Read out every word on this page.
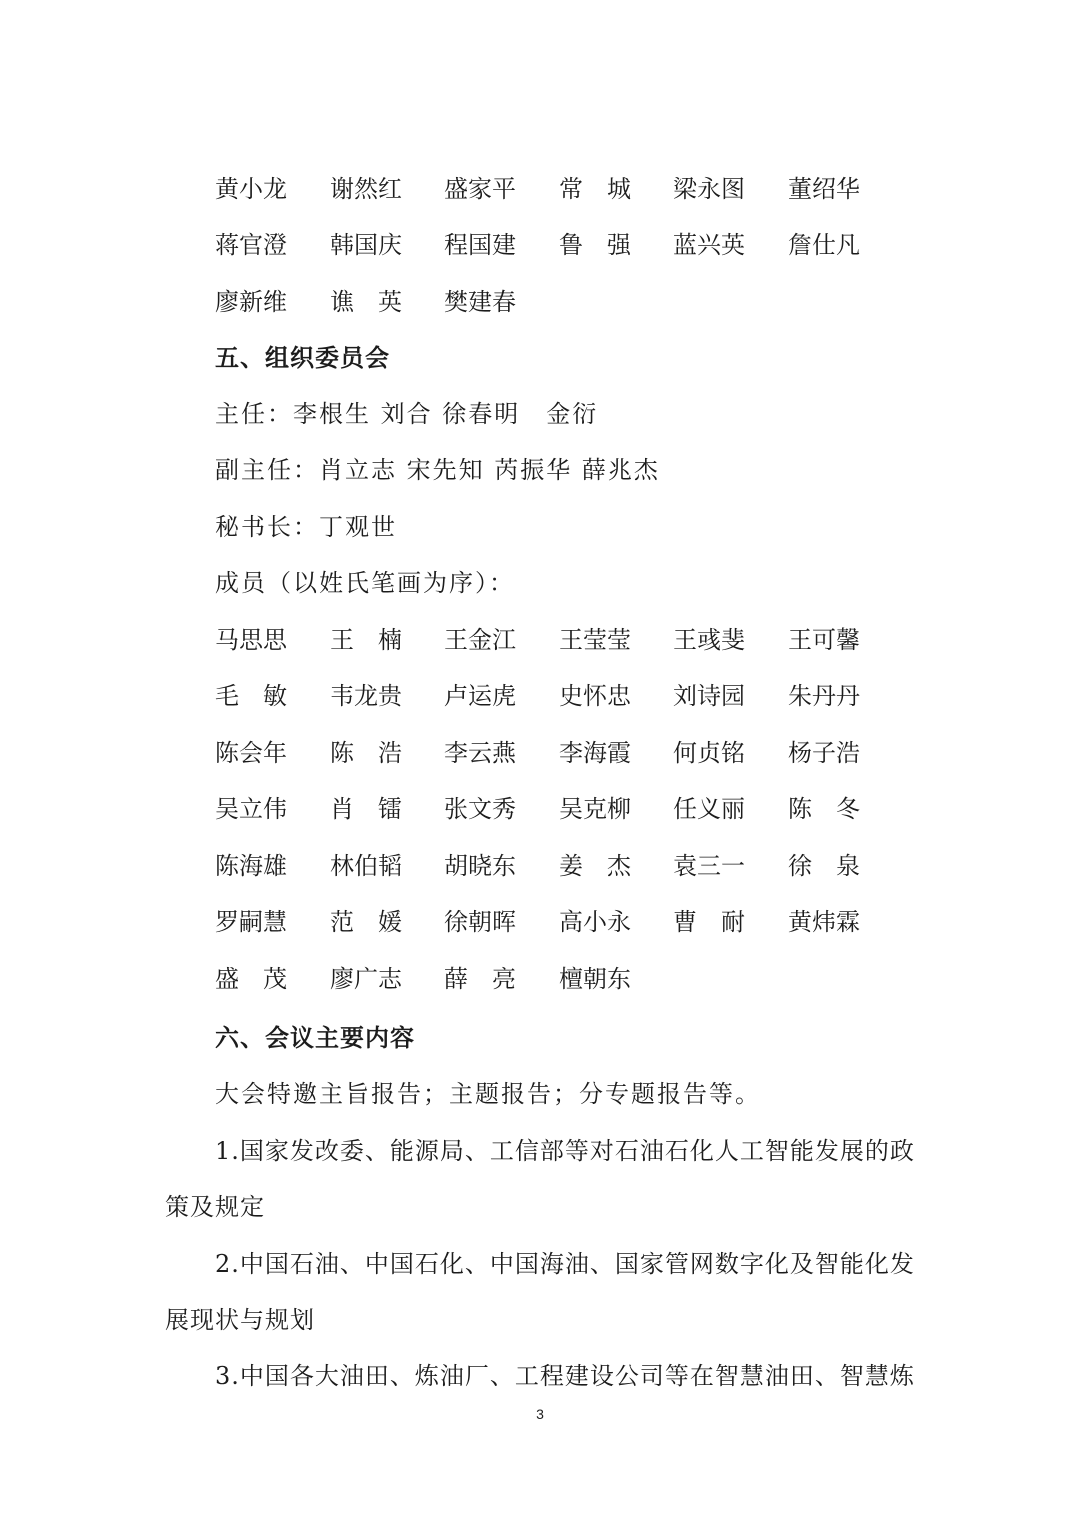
黄小龙 谢然红 盛家平 常　城 梁永图 董绍华
蒋官澄 韩国庆 程国建 鲁　强 蓝兴英 詹仕凡
廖新维 谯　英 樊建春
五、组织委员会
主任：李根生 刘合 徐春明　金衍
副主任：肖立志 宋先知 芮振华 薛兆杰
秘书长：丁观世
成员（以姓氏笔画为序）：
马思思 王　楠 王金江 王莹莹 王彧斐 王可馨
毛　敏 韦龙贵 卢运虎 史怀忠 刘诗园 朱丹丹
陈会年 陈　浩 李云燕 李海霞 何贞铭 杨子浩
吴立伟 肖　镭 张文秀 吴克柳 任义丽 陈　冬
陈海雄 林伯韬 胡晓东 姜　杰 袁三一 徐　泉
罗嗣慧 范　媛 徐朝晖 高小永 曹　耐 黄炜霖
盛　茂 廖广志 薛　亮 檀朝东
六、会议主要内容
大会特邀主旨报告；主题报告；分专题报告等。
1.国家发改委、能源局、工信部等对石油石化人工智能发展的政
策及规定
2.中国石油、中国石化、中国海油、国家管网数字化及智能化发
展现状与规划
3.中国各大油田、炼油厂、工程建设公司等在智慧油田、智慧炼
3
